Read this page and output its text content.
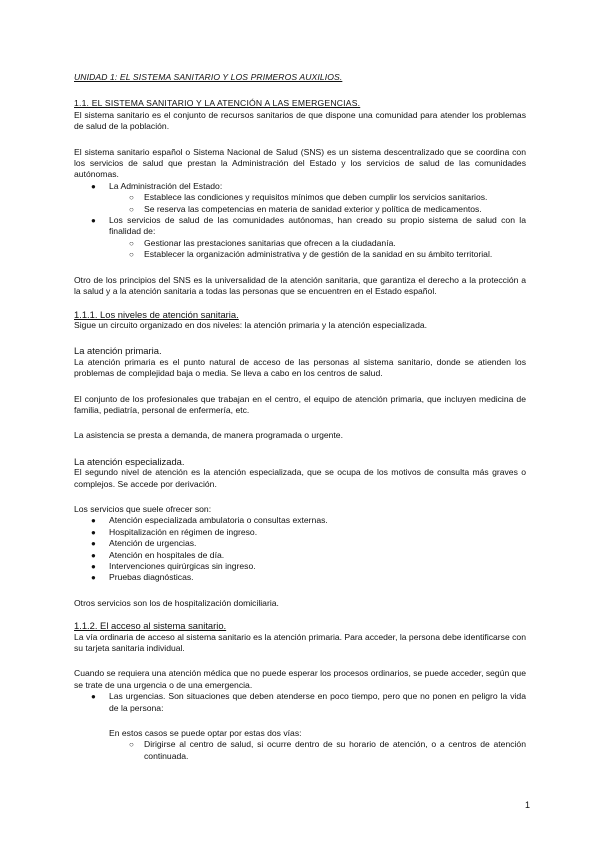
UNIDAD 1: EL SISTEMA SANITARIO Y LOS PRIMEROS AUXILIOS.

1.1. EL SISTEMA SANITARIO Y LA ATENCIÓN A LAS EMERGENCIAS.

El sistema sanitario es el conjunto de recursos sanitarios de que dispone una comunidad para atender los problemas de salud de la población.

El sistema sanitario español o Sistema Nacional de Salud (SNS) es un sistema descentralizado que se coordina con los servicios de salud que prestan la Administración del Estado y los servicios de salud de las comunidades autónomas.

● La Administración del Estado:
○ Establece las condiciones y requisitos mínimos que deben cumplir los servicios sanitarios.
○ Se reserva las competencias en materia de sanidad exterior y política de medicamentos.
● Los servicios de salud de las comunidades autónomas, han creado su propio sistema de salud con la finalidad de:
○ Gestionar las prestaciones sanitarias que ofrecen a la ciudadanía.
○ Establecer la organización administrativa y de gestión de la sanidad en su ámbito territorial.

Otro de los principios del SNS es la universalidad de la atención sanitaria, que garantiza el derecho a la protección a la salud y a la atención sanitaria a todas las personas que se encuentren en el Estado español.

1.1.1. Los niveles de atención sanitaria.

Sigue un circuito organizado en dos niveles: la atención primaria y la atención especializada.

La atención primaria.

La atención primaria es el punto natural de acceso de las personas al sistema sanitario, donde se atienden los problemas de complejidad baja o media. Se lleva a cabo en los centros de salud.

El conjunto de los profesionales que trabajan en el centro, el equipo de atención primaria, que incluyen medicina de familia, pediatría, personal de enfermería, etc.

La asistencia se presta a demanda, de manera programada o urgente.

La atención especializada.

El segundo nivel de atención es la atención especializada, que se ocupa de los motivos de consulta más graves o complejos. Se accede por derivación.

Los servicios que suele ofrecer son:

● Atención especializada ambulatoria o consultas externas.
● Hospitalización en régimen de ingreso.
● Atención de urgencias.
● Atención en hospitales de día.
● Intervenciones quirúrgicas sin ingreso.
● Pruebas diagnósticas.

Otros servicios son los de hospitalización domiciliaria.

1.1.2. El acceso al sistema sanitario.

La vía ordinaria de acceso al sistema sanitario es la atención primaria. Para acceder, la persona debe identificarse con su tarjeta sanitaria individual.

Cuando se requiera una atención médica que no puede esperar los procesos ordinarios, se puede acceder, según que se trate de una urgencia o de una emergencia.

● Las urgencias. Son situaciones que deben atenderse en poco tiempo, pero que no ponen en peligro la vida de la persona:

En estos casos se puede optar por estas dos vías:

○ Dirigirse al centro de salud, si ocurre dentro de su horario de atención, o a centros de atención continuada.
1
